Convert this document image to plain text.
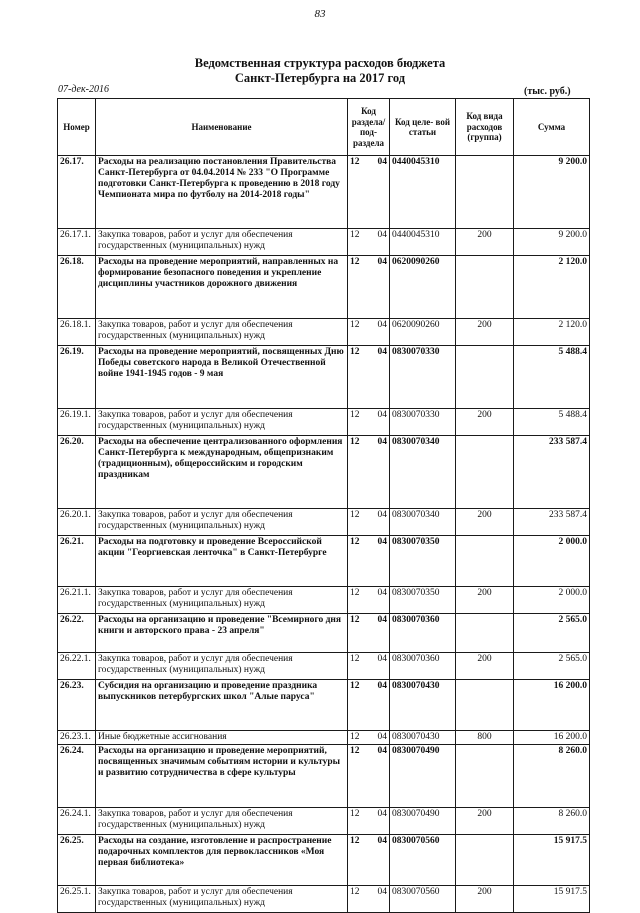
83
Ведомственная структура расходов бюджета
Санкт-Петербурга на 2017 год
07-дек-2016	(тыс. руб.)
Номер	Наименование	Код раздела/ под- раздела	Код целе- вой статьи	Код вида расходов (группа)	Сумма
26.17.	Расходы на реализацию постановления Правительства Санкт-Петербурга от 04.04.2014 № 233 "О Программе подготовки Санкт-Петербурга к проведению в 2018 году Чемпионата мира по футболу на 2014-2018 годы"	12 04	0440045310		9 200.0
26.17.1.	Закупка товаров, работ и услуг для обеспечения государственных (муниципальных) нужд	12 04	0440045310	200	9 200.0
26.18.	Расходы на проведение мероприятий, направленных на формирование безопасного поведения и укрепление дисциплины участников дорожного движения	12 04	0620090260		2 120.0
26.18.1.	Закупка товаров, работ и услуг для обеспечения государственных (муниципальных) нужд	12 04	0620090260	200	2 120.0
26.19.	Расходы на проведение мероприятий, посвященных Дню Победы советского народа в Великой Отечественной войне 1941-1945 годов - 9 мая	12 04	0830070330		5 488.4
26.19.1.	Закупка товаров, работ и услуг для обеспечения государственных (муниципальных) нужд	12 04	0830070330	200	5 488.4
26.20.	Расходы на обеспечение централизованного оформления Санкт-Петербурга к международным, общепризнаким (традиционным), общероссийским и городским праздникам	12 04	0830070340		233 587.4
26.20.1.	Закупка товаров, работ и услуг для обеспечения государственных (муниципальных) нужд	12 04	0830070340	200	233 587.4
26.21.	Расходы на подготовку и проведение Всероссийской акции "Георгиевская ленточка" в Санкт-Петербурге	12 04	0830070350		2 000.0
26.21.1.	Закупка товаров, работ и услуг для обеспечения государственных (муниципальных) нужд	12 04	0830070350	200	2 000.0
26.22.	Расходы на организацию и проведение "Всемирного дня книги и авторского права - 23 апреля"	12 04	0830070360		2 565.0
26.22.1.	Закупка товаров, работ и услуг для обеспечения государственных (муниципальных) нужд	12 04	0830070360	200	2 565.0
26.23.	Субсидия на организацию и проведение праздника выпускников петербургских школ "Алые паруса"	12 04	0830070430		16 200.0
26.23.1.	Иные бюджетные ассигнования	12 04	0830070430	800	16 200.0
26.24.	Расходы на организацию и проведение мероприятий, посвященных значимым событиям истории и культуры и развитию сотрудничества в сфере культуры	12 04	0830070490		8 260.0
26.24.1.	Закупка товаров, работ и услуг для обеспечения государственных (муниципальных) нужд	12 04	0830070490	200	8 260.0
26.25.	Расходы на создание, изготовление и распространение подарочных комплектов для первоклассников «Моя первая библиотека»	12 04	0830070560		15 917.5
26.25.1.	Закупка товаров, работ и услуг для обеспечения государственных (муниципальных) нужд	12 04	0830070560	200	15 917.5
